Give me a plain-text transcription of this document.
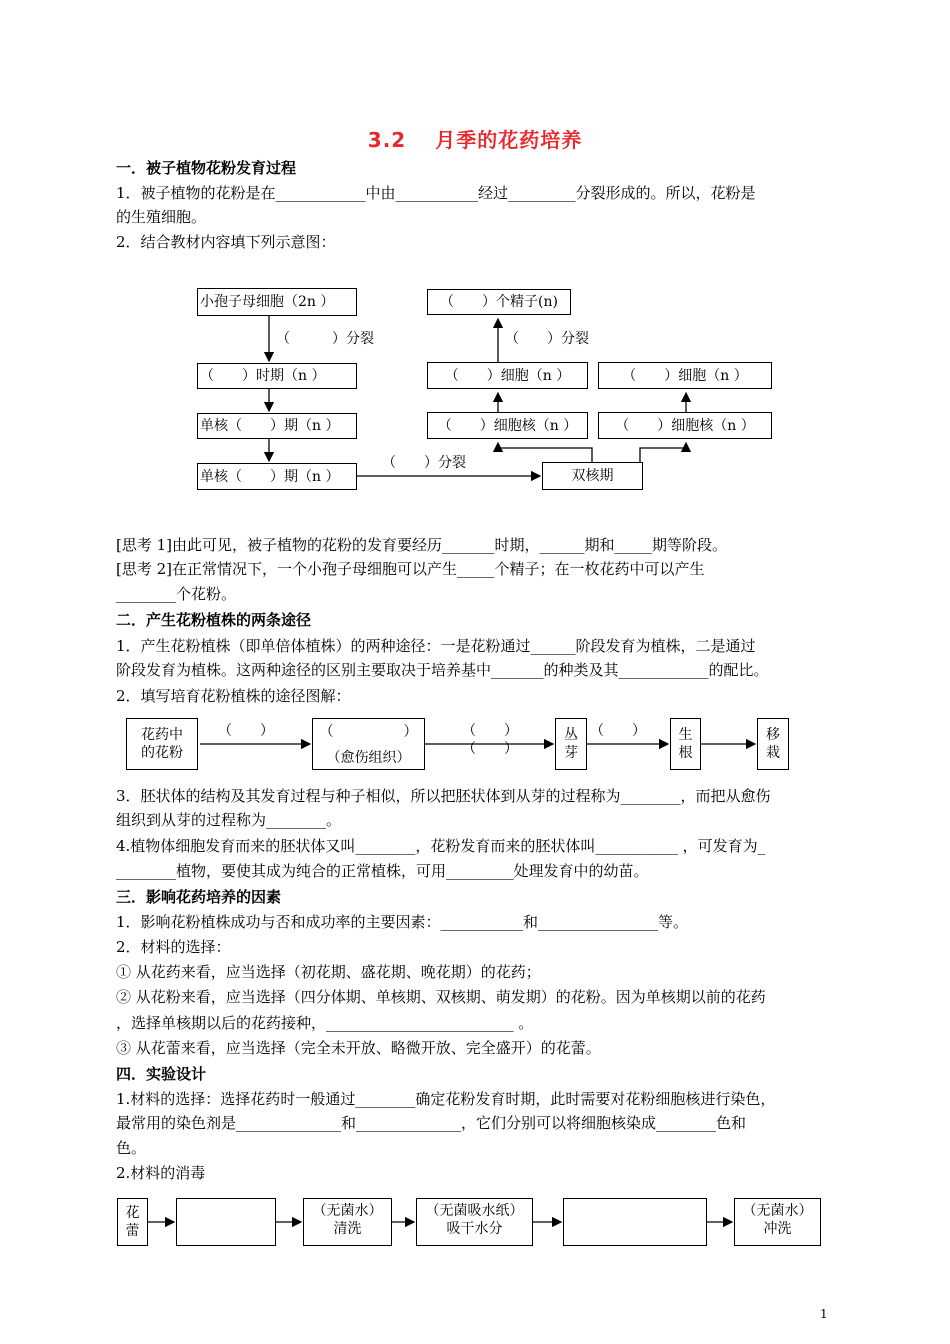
3.2　 月季的花药培养
一．被子植物花粉发育过程
1．被子植物的花粉是在____________中由___________经过_________分裂形成的。所以，花粉是
的生殖细胞。
2．结合教材内容填下列示意图：
小孢子母细胞（2n ）
（　　）时期（n ）
单核（　　）期（n ）
单核（　　）期（n ）	双核期
（　　）细胞核（n ）
（　　）细胞（n ）
（　　）个精子(n)
（　　）细胞核（n ）
（　　）细胞（n ）
（　　　）分裂	（　　）分裂
（　　）分裂
[思考 1]由此可见，被子植物的花粉的发育要经历_______时期，______期和_____期等阶段。
[思考 2]在正常情况下，一个小孢子母细胞可以产生_____个精子；在一枚花药中可以产生
________个花粉。
二．产生花粉植株的两条途径
1．产生花粉植株（即单倍体植株）的两种途径：一是花粉通过______阶段发育为植株，二是通过
阶段发育为植株。这两种途径的区别主要取决于培养基中_______的种类及其____________的配比。
2．填写培育花粉植株的途径图解：
花药中
的花粉
（　　）	（　　　　　）
（愈伤组织）
（　　）
（　　）
丛
芽
（　　）	生
根
移
栽
3．胚状体的结构及其发育过程与种子相似，所以把胚状体到从芽的过程称为________，而把从愈伤
组织到从芽的过程称为________。
4.植物体细胞发育而来的胚状体又叫________，花粉发育而来的胚状体叫___________ ，可发育为_
________植物，要使其成为纯合的正常植株，可用_________处理发育中的幼苗。
三．影响花药培养的因素
1．影响花粉植株成功与否和成功率的主要因素：___________和________________等。
2．材料的选择：
① 从花药来看，应当选择（初花期、盛花期、晚花期）的花药；
② 从花粉来看，应当选择（四分体期、单核期、双核期、萌发期）的花粉。因为单核期以前的花药
，选择单核期以后的花药接种，_________________________ 。
③ 从花蕾来看，应当选择（完全未开放、略微开放、完全盛开）的花蕾。
四．实验设计
1.材料的选择：选择花药时一般通过________确定花粉发育时期，此时需要对花粉细胞核进行染色，
最常用的染色剂是______________和______________，它们分别可以将细胞核染成________色和
色。
2.材料的消毒
花
蕾
（无菌水）
清洗
（无菌吸水纸）
吸干水分
（无菌水）
冲洗
1
